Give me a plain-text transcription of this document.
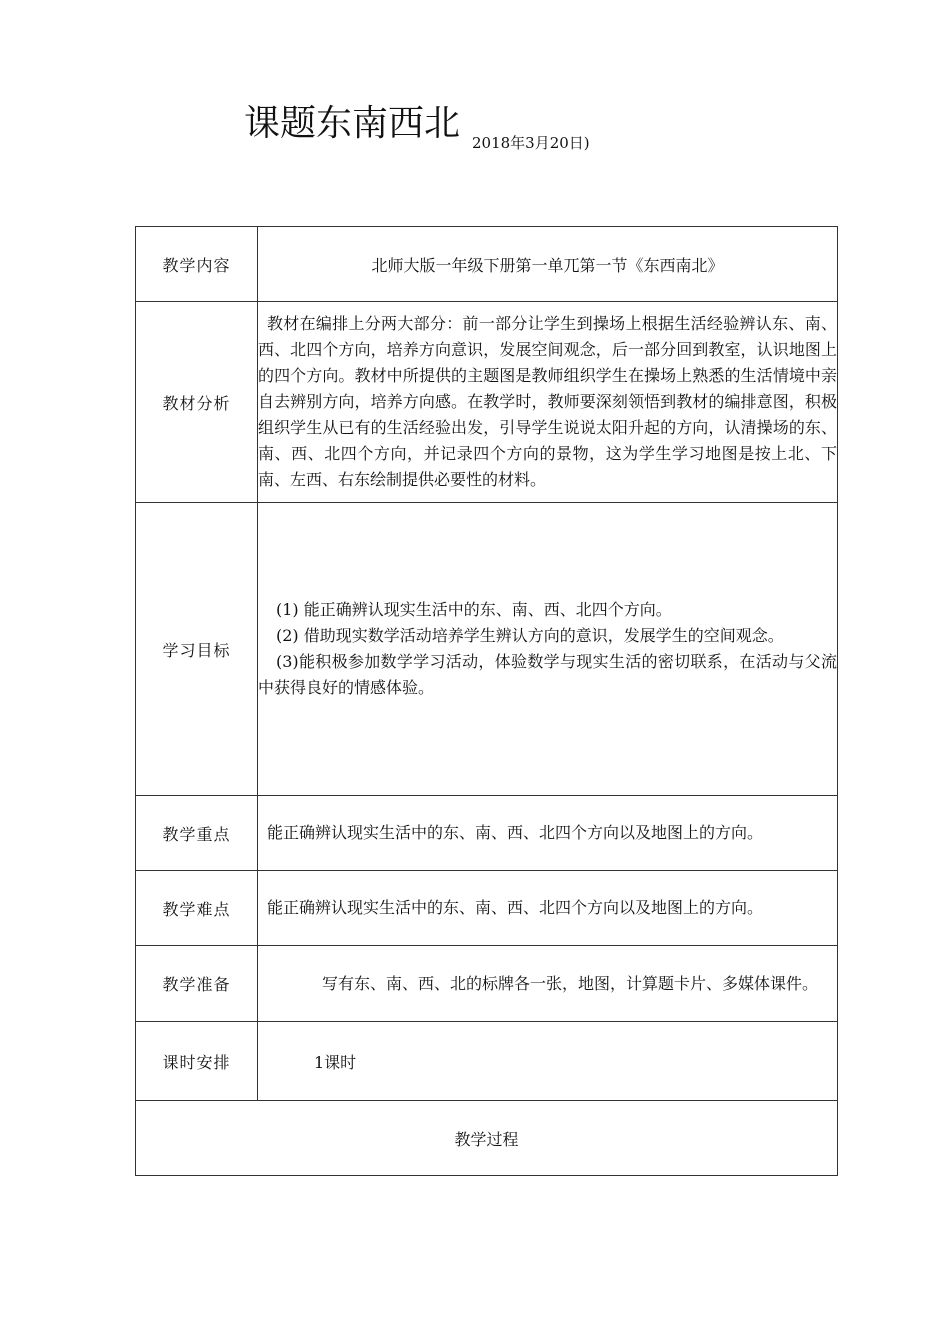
课题东南西北 2018年3月20日)
教学内容	北师大版一年级下册第一单兀第一节《东西南北》
教材分析	教材在编排上分两大部分：前一部分让学生到操场上根据生活经验辨认东、南、西、北四个方向，培养方向意识，发展空间观念，后一部分回到教室，认识地图上的四个方向。教材中所提供的主题图是教师组织学生在操场上熟悉的生活情境中亲自去辨别方向，培养方向感。在教学时，教师要深刻领悟到教材的编排意图，积极组织学生从已有的生活经验出发，引导学生说说太阳升起的方向，认清操场的东、南、西、北四个方向，并记录四个方向的景物，这为学生学习地图是按上北、下南、左西、右东绘制提供必要性的材料。

学习目标	(1) 能正确辨认现实生活中的东、南、西、北四个方向。
(2) 借助现实数学活动培养学生辨认方向的意识，发展学生的空间观念。
(3)能积极参加数学学习活动，体验数学与现实生活的密切联系，在活动与父流中获得良好的情感体验。

教学重点	能正确辨认现实生活中的东、南、西、北四个方向以及地图上的方向。

教学难点	能正确辨认现实生活中的东、南、西、北四个方向以及地图上的方向。

教学准备	写有东、南、西、北的标牌各一张，地图，计算题卡片、多媒体课件。

课时安排	1课时

教学过程	
